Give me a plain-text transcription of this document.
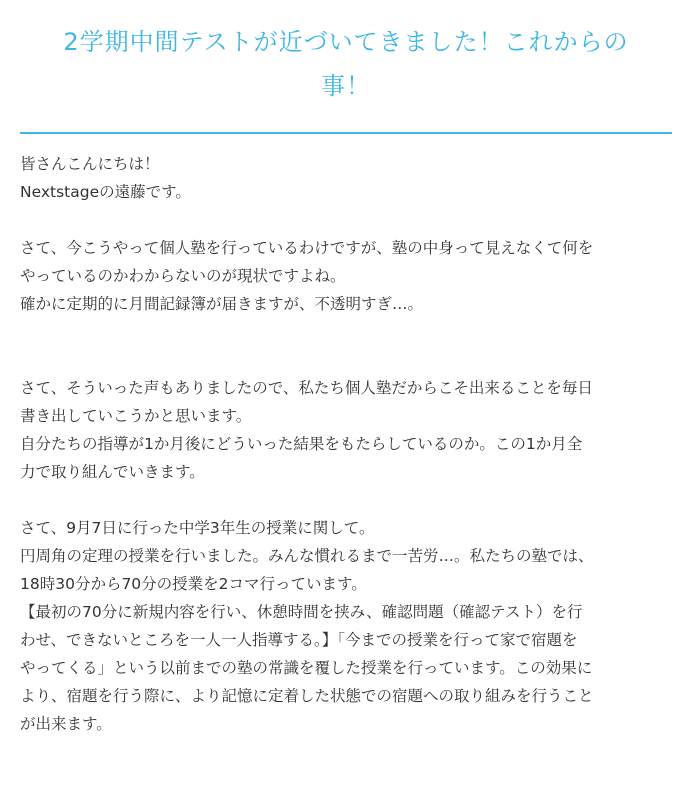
2学期中間テストが近づいてきました！これからの
事！

皆さんこんにちは！
Nextstageの遠藤です。

さて、今こうやって個人塾を行っているわけですが、塾の中身って見えなくて何を
やっているのかわからないのが現状ですよね。
確かに定期的に月間記録簿が届きますが、不透明すぎ…。

さて、そういった声もありましたので、私たち個人塾だからこそ出来ることを毎日
書き出していこうかと思います。
自分たちの指導が1か月後にどういった結果をもたらしているのか。この1か月全
力で取り組んでいきます。

さて、9月7日に行った中学3年生の授業に関して。
円周角の定理の授業を行いました。みんな慣れるまで一苦労…。私たちの塾では、
18時30分から70分の授業を2コマ行っています。
【最初の70分に新規内容を行い、休憩時間を挟み、確認問題（確認テスト）を行
わせ、できないところを一人一人指導する。】「今までの授業を行って家で宿題を
やってくる」という以前までの塾の常識を覆した授業を行っています。この効果に
より、宿題を行う際に、より記憶に定着した状態での宿題への取り組みを行うこと
が出来ます。
